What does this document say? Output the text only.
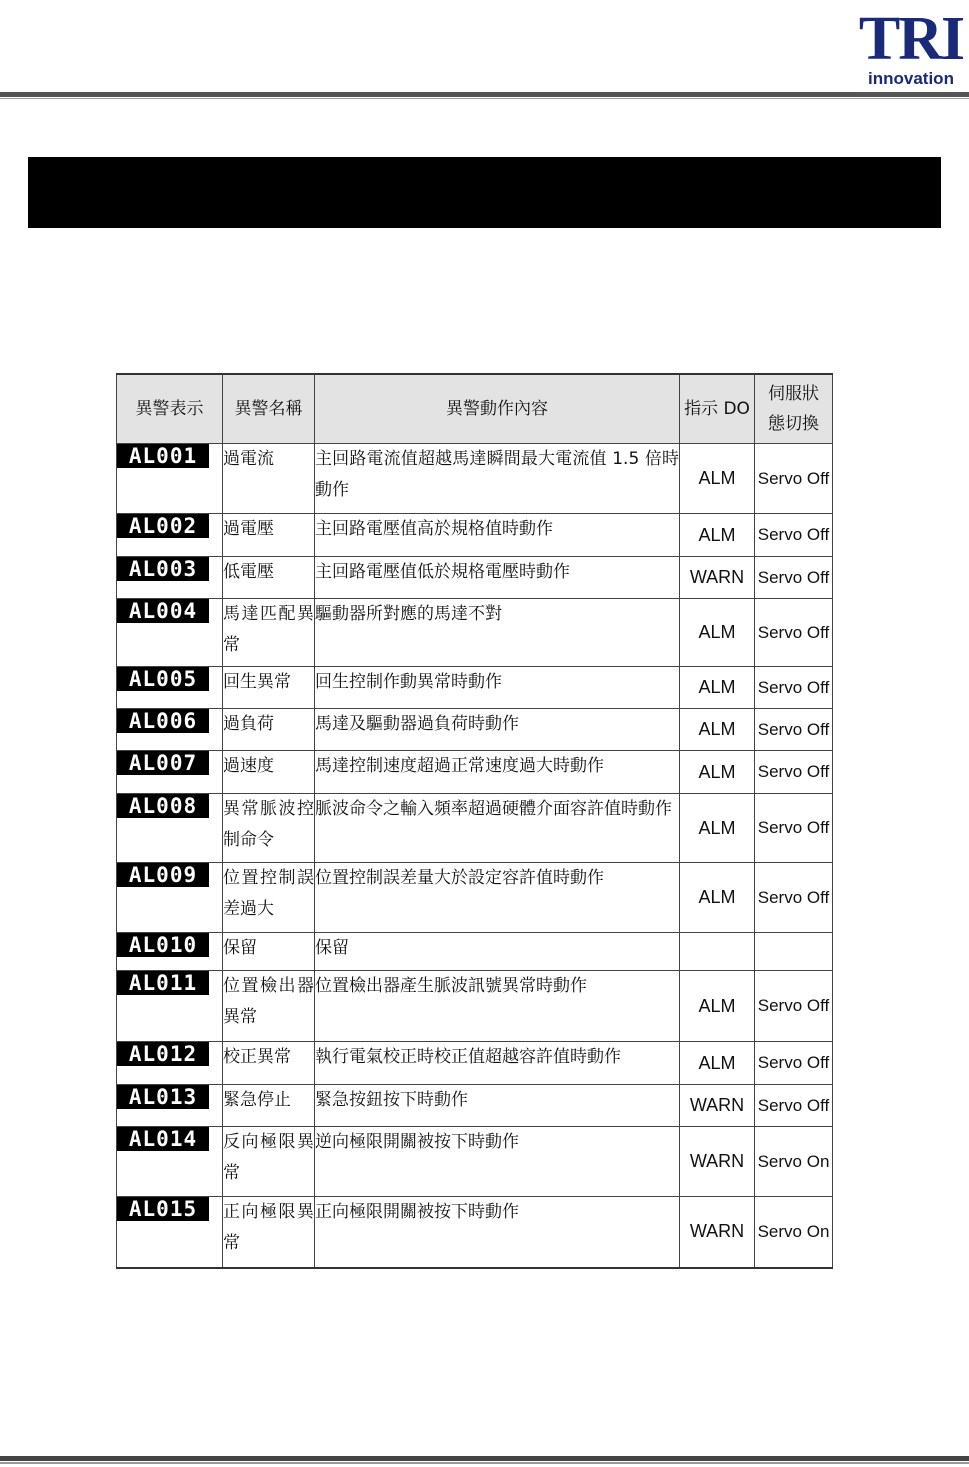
TRI
innovation
異警表示	異警名稱	異警動作內容	指示 DO	伺服狀態切換

AL001	過電流	主回路電流值超越馬達瞬間最大電流值 1.5 倍時動作	ALM	Servo Off
AL002	過電壓	主回路電壓值高於規格值時動作	ALM	Servo Off
AL003	低電壓	主回路電壓值低於規格電壓時動作	WARN	Servo Off
AL004	馬達匹配異常	驅動器所對應的馬達不對	ALM	Servo Off
AL005	回生異常	回生控制作動異常時動作	ALM	Servo Off
AL006	過負荷	馬達及驅動器過負荷時動作	ALM	Servo Off
AL007	過速度	馬達控制速度超過正常速度過大時動作	ALM	Servo Off
AL008	異常脈波控制命令	脈波命令之輸入頻率超過硬體介面容許值時動作	ALM	Servo Off
AL009	位置控制誤差過大	位置控制誤差量大於設定容許值時動作	ALM	Servo Off
AL010	保留	保留		
AL011	位置檢出器異常	位置檢出器產生脈波訊號異常時動作	ALM	Servo Off
AL012	校正異常	執行電氣校正時校正值超越容許值時動作	ALM	Servo Off
AL013	緊急停止	緊急按鈕按下時動作	WARN	Servo Off
AL014	反向極限異常	逆向極限開關被按下時動作	WARN	Servo On
AL015	正向極限異常	正向極限開關被按下時動作	WARN	Servo On
